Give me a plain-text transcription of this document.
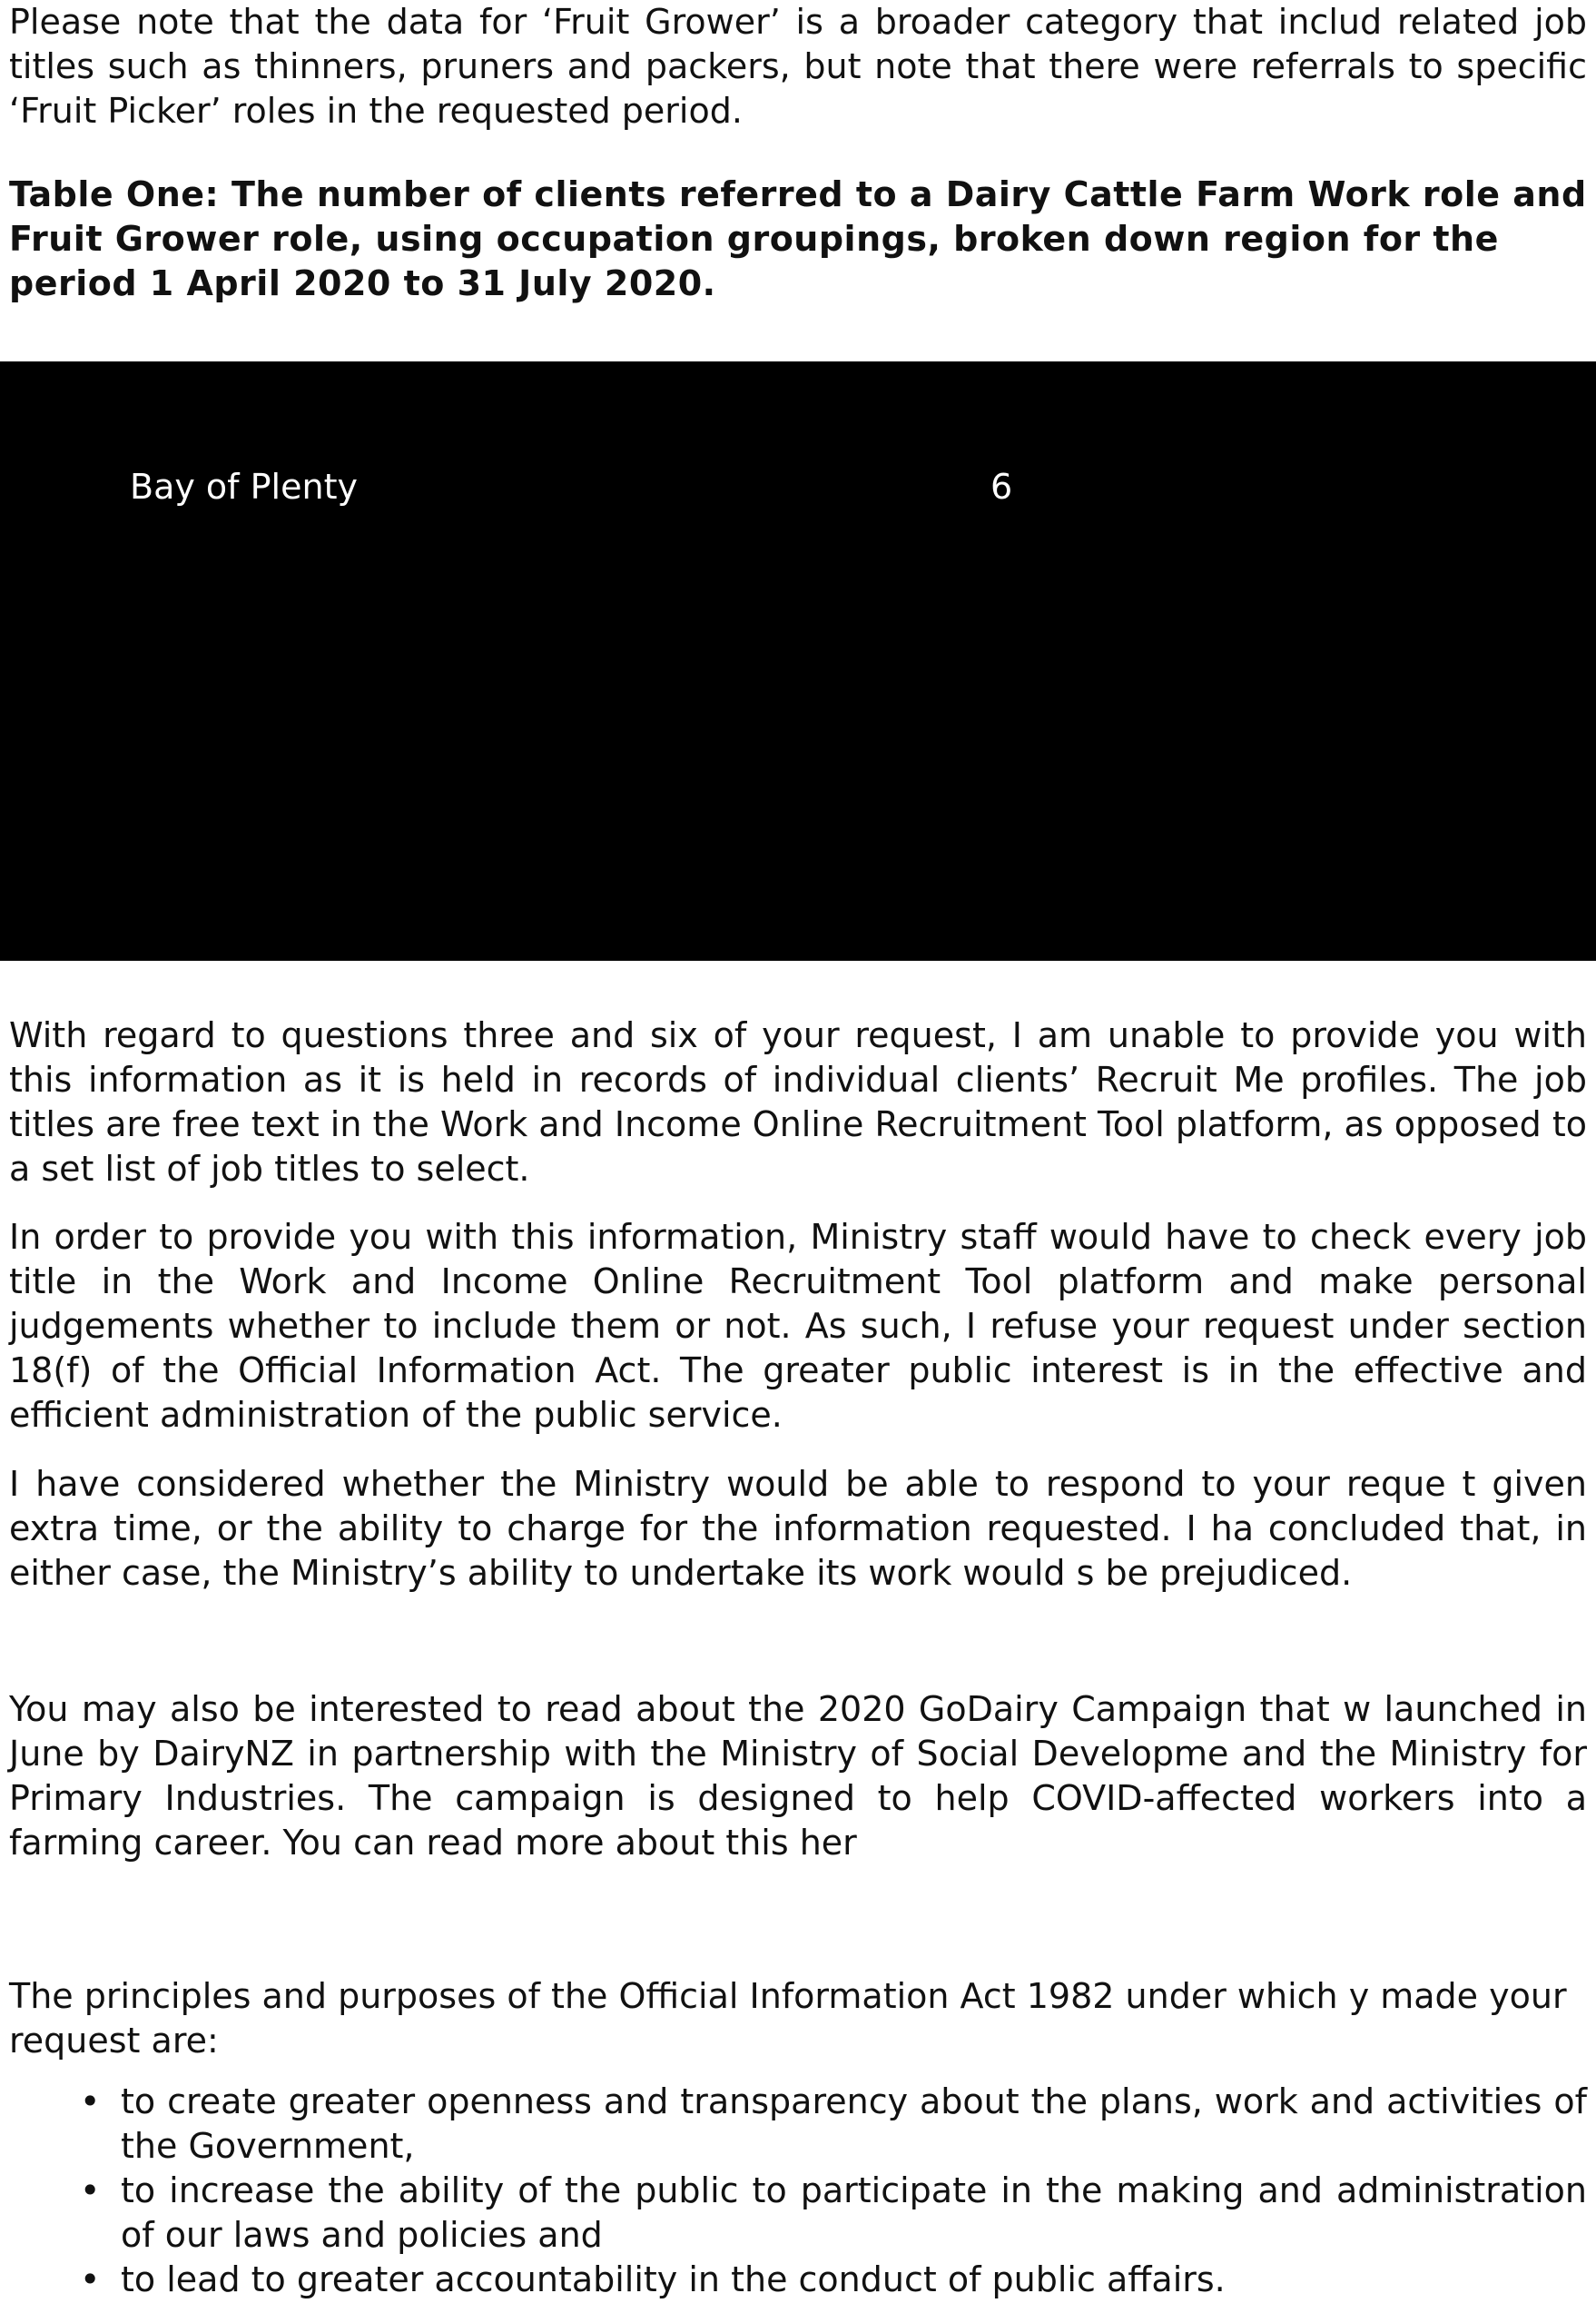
Please note that the data for ‘Fruit Grower’ is a broader category that includ related job titles such as thinners, pruners and packers, but note that there were referrals to specific ‘Fruit Picker’ roles in the requested period.

Table One: The number of clients referred to a Dairy Cattle Farm Work role and Fruit Grower role, using occupation groupings, broken down region for the period 1 April 2020 to 31 July 2020.

Bay of Plenty	6

With regard to questions three and six of your request, I am unable to provide you with this information as it is held in records of individual clients’ Recruit Me profiles. The job titles are free text in the Work and Income Online Recruitment Tool platform, as opposed to a set list of job titles to select.

In order to provide you with this information, Ministry staff would have to check every job title in the Work and Income Online Recruitment Tool platform and make personal judgements whether to include them or not. As such, I refuse your request under section 18(f) of the Official Information Act. The greater public interest is in the effective and efficient administration of the public service.

I have considered whether the Ministry would be able to respond to your reque t given extra time, or the ability to charge for the information requested. I ha concluded that, in either case, the Ministry’s ability to undertake its work would s be prejudiced.

You may also be interested to read about the 2020 GoDairy Campaign that w launched in June by DairyNZ in partnership with the Ministry of Social Developme and the Ministry for Primary Industries. The campaign is designed to help COVID-affected workers into a farming career. You can read more about this her

The principles and purposes of the Official Information Act 1982 under which y made your request are:

• to create greater openness and transparency about the plans, work and activities of the Government,
• to increase the ability of the public to participate in the making and administration of our laws and policies and
• to lead to greater accountability in the conduct of public affairs.
